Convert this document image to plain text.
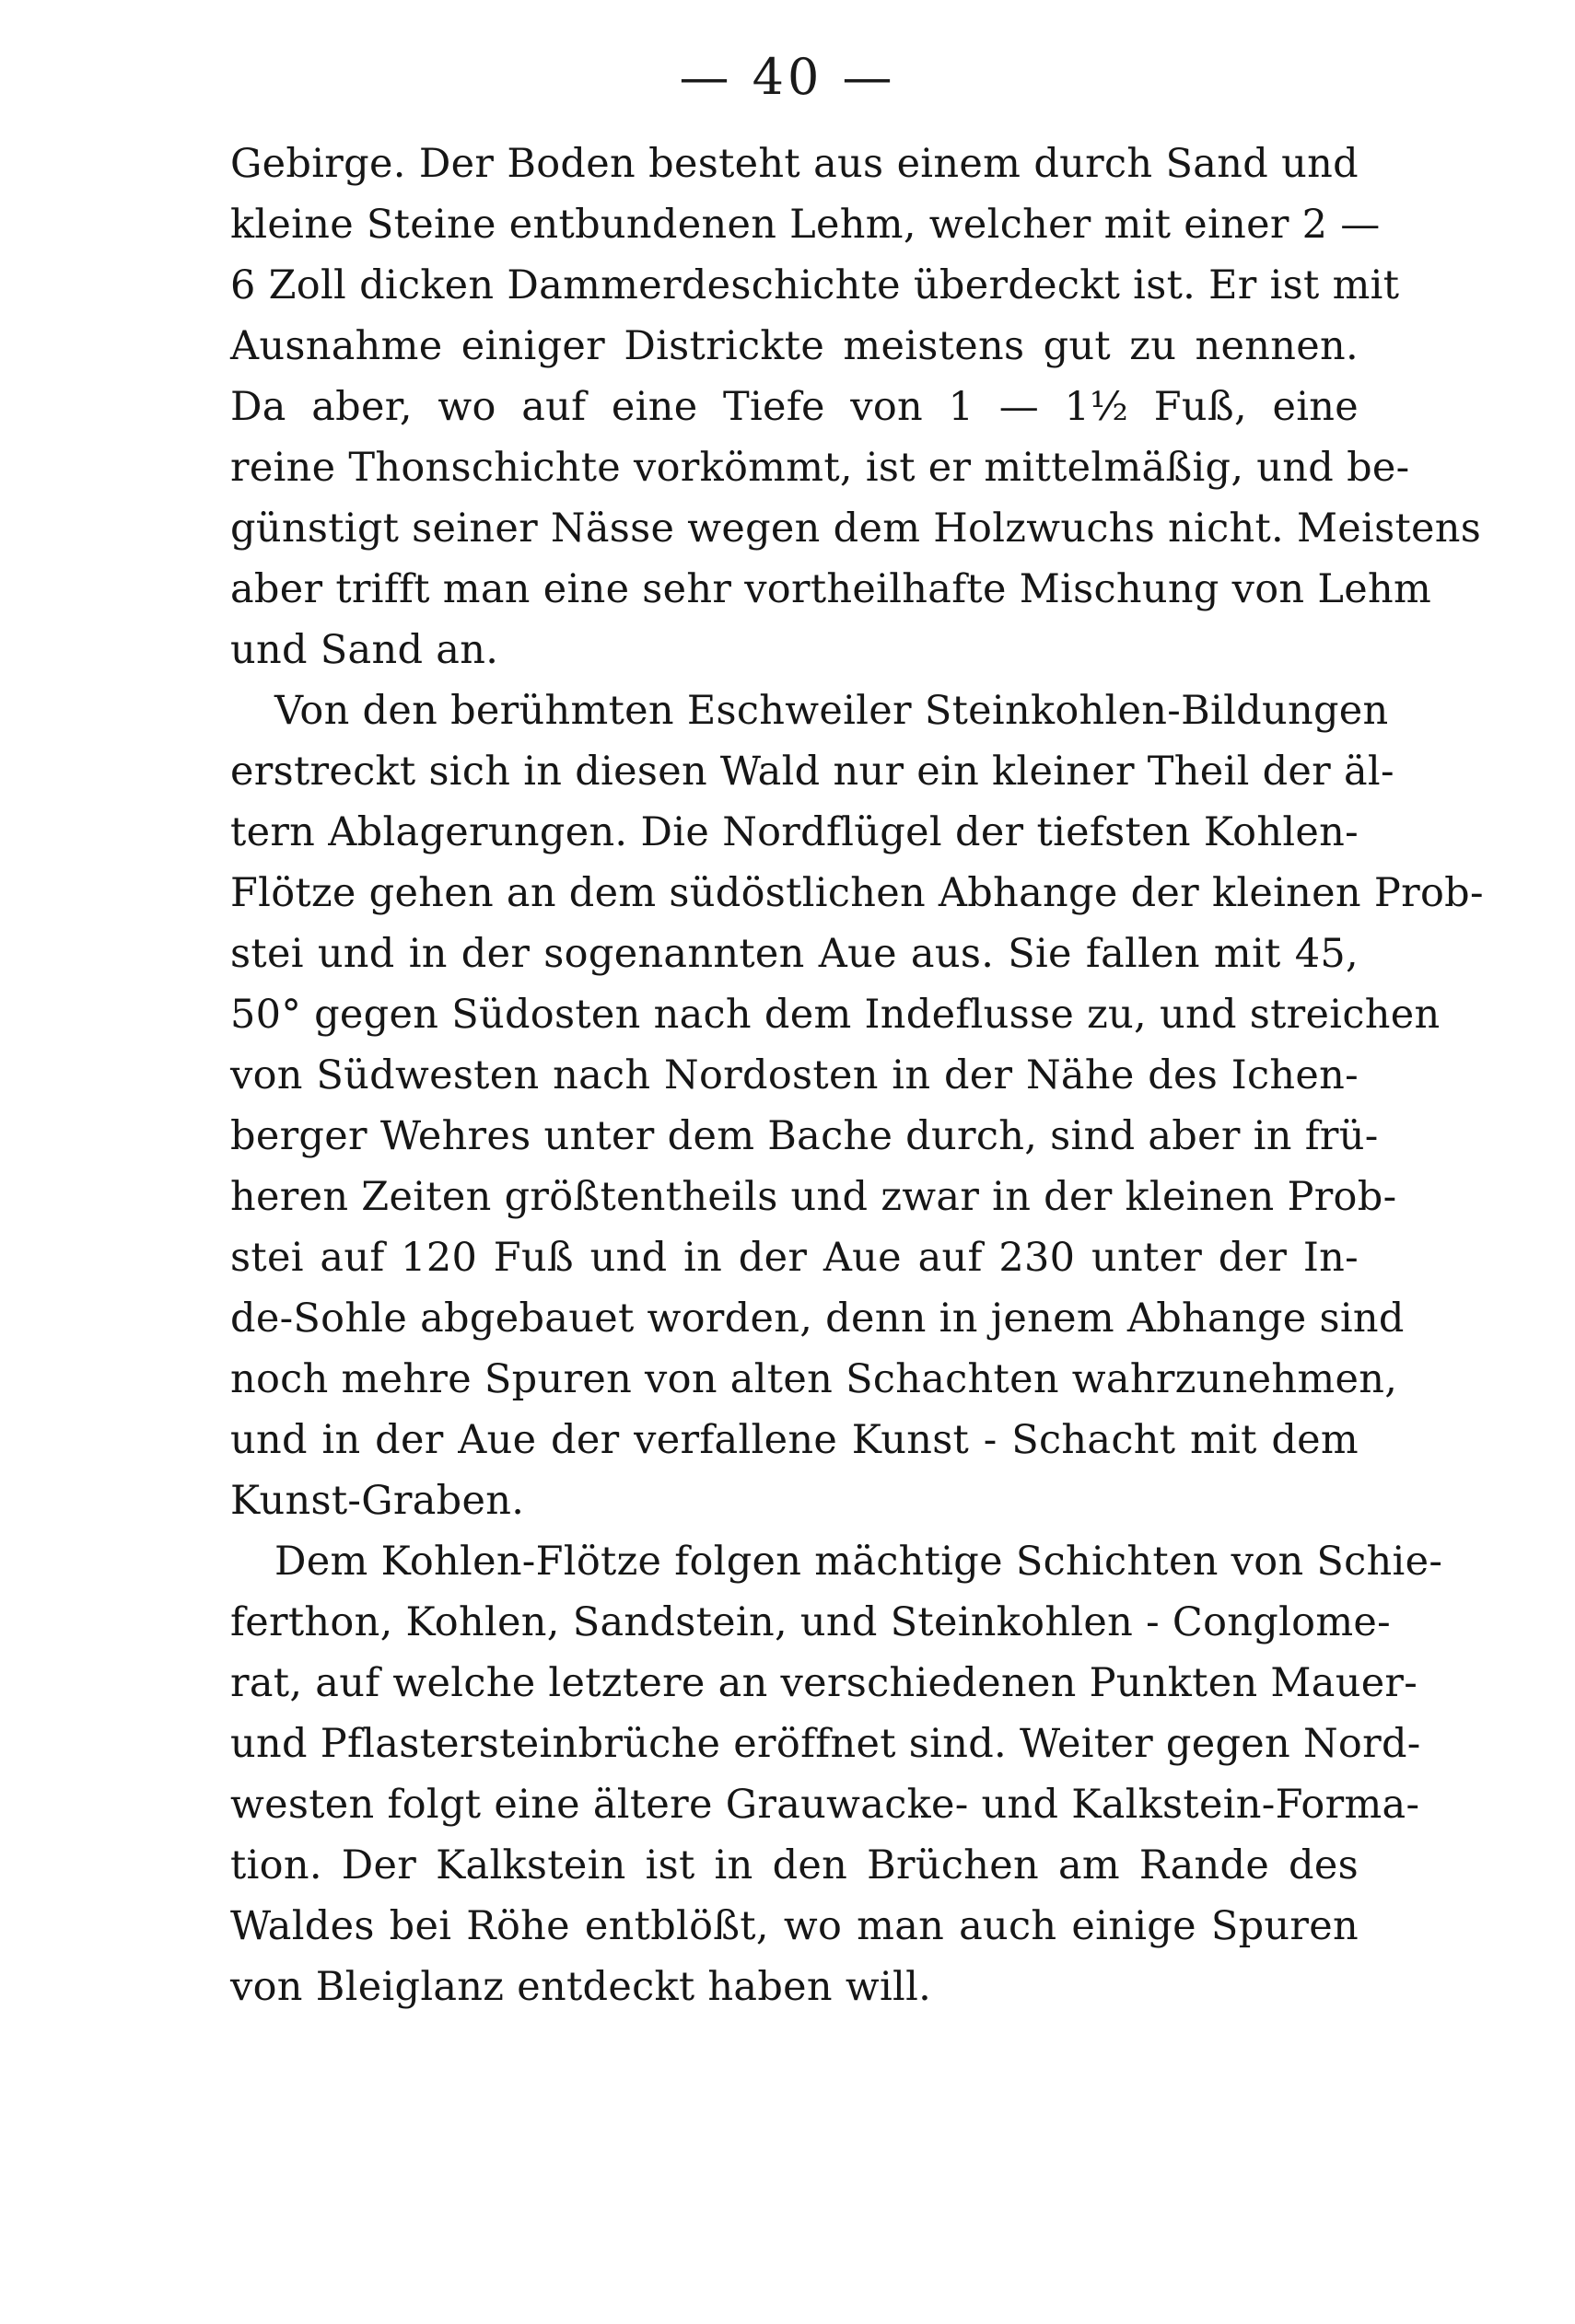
— 40 —
Gebirge. Der Boden besteht aus einem durch Sand und
kleine Steine entbundenen Lehm, welcher mit einer 2 —
6 Zoll dicken Dammerdeschichte überdeckt ist. Er ist mit
Ausnahme einiger Districkte meistens gut zu nennen.
Da aber, wo auf eine Tiefe von 1 — 1½ Fuß, eine
reine Thonschichte vorkömmt, ist er mittelmäßig, und be-
günstigt seiner Nässe wegen dem Holzwuchs nicht. Meistens
aber trifft man eine sehr vortheilhafte Mischung von Lehm
und Sand an.
Von den berühmten Eschweiler Steinkohlen-Bildungen
erstreckt sich in diesen Wald nur ein kleiner Theil der äl-
tern Ablagerungen. Die Nordflügel der tiefsten Kohlen-
Flötze gehen an dem südöstlichen Abhange der kleinen Prob-
stei und in der sogenannten Aue aus. Sie fallen mit 45,
50° gegen Südosten nach dem Indeflusse zu, und streichen
von Südwesten nach Nordosten in der Nähe des Ichen-
berger Wehres unter dem Bache durch, sind aber in frü-
heren Zeiten größtentheils und zwar in der kleinen Prob-
stei auf 120 Fuß und in der Aue auf 230 unter der In-
de-Sohle abgebauet worden, denn in jenem Abhange sind
noch mehre Spuren von alten Schachten wahrzunehmen,
und in der Aue der verfallene Kunst - Schacht mit dem
Kunst-Graben.
Dem Kohlen-Flötze folgen mächtige Schichten von Schie-
ferthon, Kohlen, Sandstein, und Steinkohlen - Conglome-
rat, auf welche letztere an verschiedenen Punkten Mauer-
und Pflastersteinbrüche eröffnet sind. Weiter gegen Nord-
westen folgt eine ältere Grauwacke- und Kalkstein-Forma-
tion. Der Kalkstein ist in den Brüchen am Rande des
Waldes bei Röhe entblößt, wo man auch einige Spuren
von Bleiglanz entdeckt haben will.
